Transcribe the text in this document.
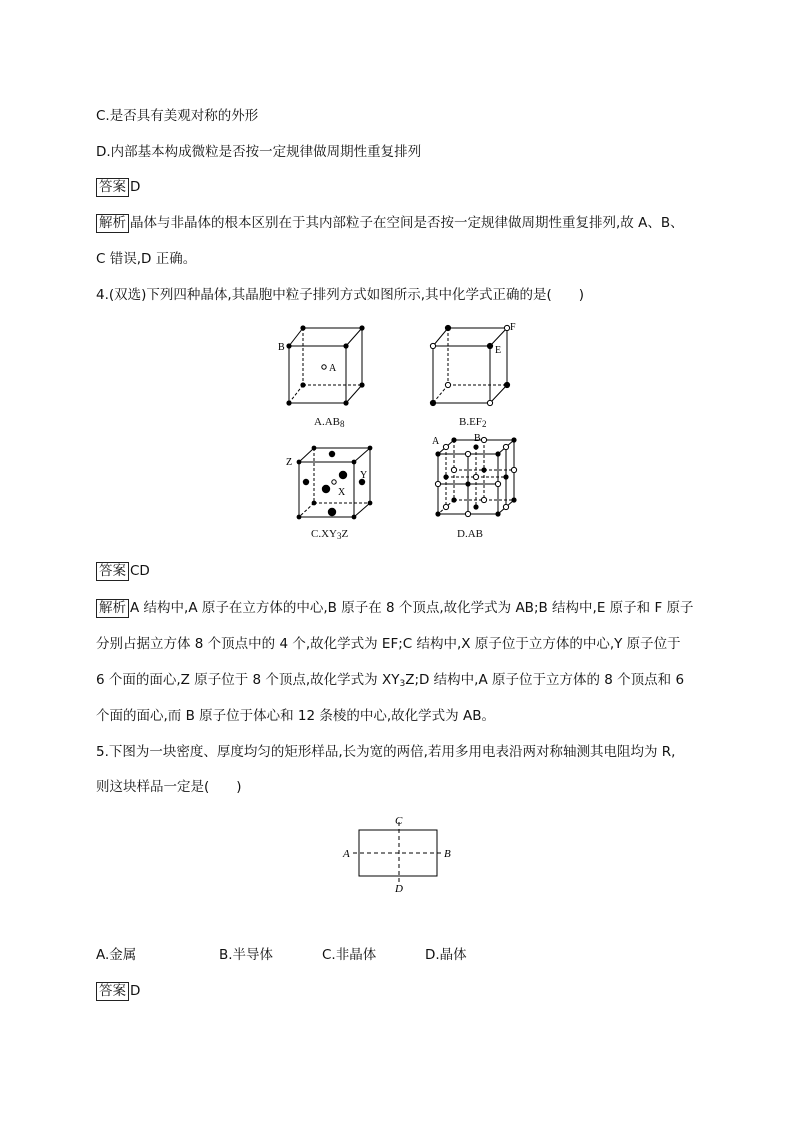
C.是否具有美观对称的外形
D.内部基本构成微粒是否按一定规律做周期性重复排列
答案 D
解析 晶体与非晶体的根本区别在于其内部粒子在空间是否按一定规律做周期性重复排列,故 A、B、
C 错误,D 正确。
4.(双选)下列四种晶体,其晶胞中粒子排列方式如图所示,其中化学式正确的是(　　)
B
A
$A.AB_8$
F
E
$B.EF_2$
Z
Y
X
$C.XY_3Z$
A	B
D.AB
答案 CD
解析 A 结构中,A 原子在立方体的中心,B 原子在 8 个顶点,故化学式为 AB;B 结构中,E 原子和 F 原子
分别占据立方体 8 个顶点中的 4 个,故化学式为 EF;C 结构中,X 原子位于立方体的中心,Y 原子位于
6 个面的面心,Z 原子位于 8 个顶点,故化学式为 $XY_3Z;D$ 结构中,A 原子位于立方体的 8 个顶点和 6
个面的面心,而 B 原子位于体心和 12 条棱的中心,故化学式为 AB。
5.下图为一块密度、厚度均匀的矩形样品,长为宽的两倍,若用多用电表沿两对称轴测其电阻均为 R,
则这块样品一定是(　　)
C
D
A	B
A.金属	B.半导体	C.非晶体	D.晶体
答案 D
